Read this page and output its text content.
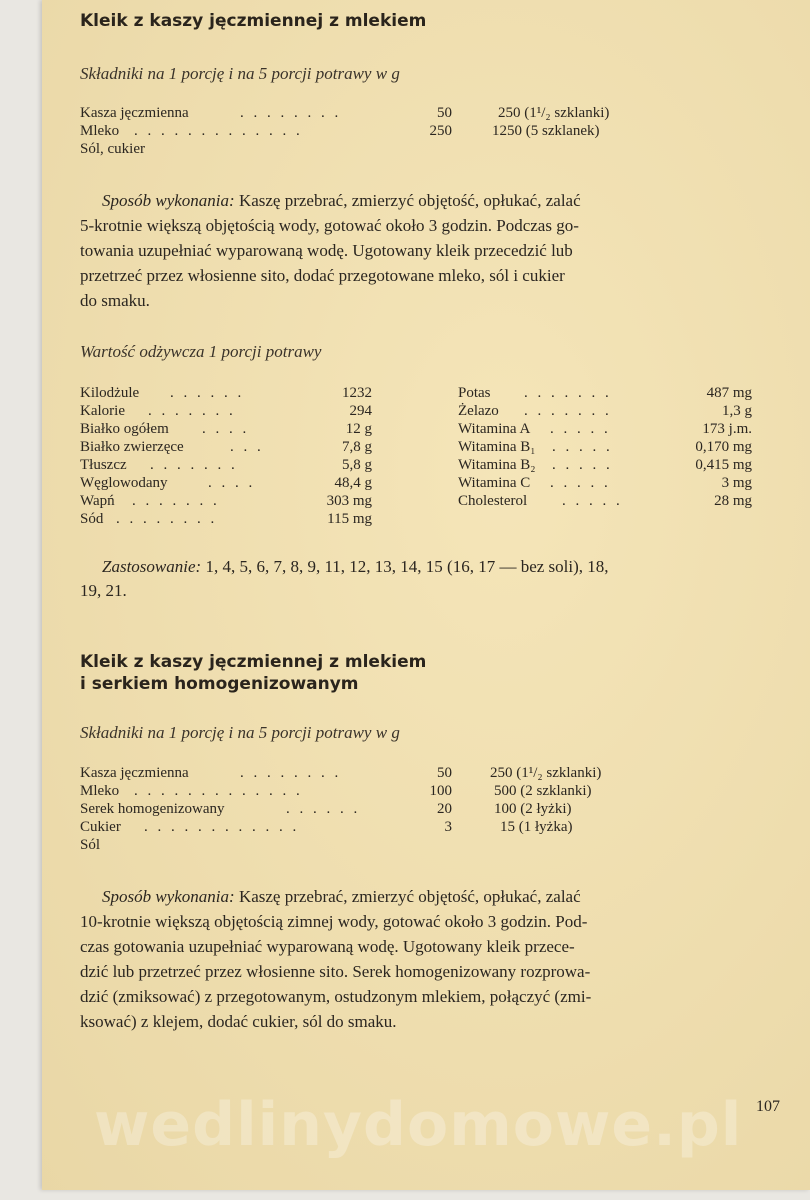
Kleik z kaszy jęczmiennej z mlekiem
Składniki na 1 porcję i na 5 porcji potrawy w g
Kasza jęczmienna	. . . . . . . .	50	250 (1¹/₂ szklanki)
Mleko . . . . . . . . . . . . .	250	1250 (5 szklanek)
Sól, cukier
Sposób wykonania: Kaszę przebrać, zmierzyć objętość, opłukać, zalać
5-krotnie większą objętością wody, gotować około 3 godzin. Podczas go-
towania uzupełniać wyparowaną wodę. Ugotowany kleik przecedzić lub
przetrzeć przez włosienne sito, dodać przegotowane mleko, sól i cukier
do smaku.
Wartość odżywcza 1 porcji potrawy
Kilodżule . . . . . .	1232
Kalorie . . . . . . .	294
Białko ogółem . . . .	12 g
Białko zwierzęce	. . .	7,8 g
Tłuszcz . . . . . . .	5,8 g
Węglowodany	. . . .	48,4 g
Wapń . . . . . . .	303 mg
Sód . . . . . . . .	115 mg
Potas . . . . . . .	487 mg
Żelazo . . . . . . .	1,3 g
Witamina A . . . . .	173 j.m.
Witamina B₁ . . . . .	0,170 mg
Witamina B₂ . . . . .	0,415 mg
Witamina C . . . . .	3 mg
Cholesterol . . . . .	28 mg
Zastosowanie: 1, 4, 5, 6, 7, 8, 9, 11, 12, 13, 14, 15 (16, 17 — bez soli), 18,
19, 21.
Kleik z kaszy jęczmiennej z mlekiem
i serkiem homogenizowanym
Składniki na 1 porcję i na 5 porcji potrawy w g
Kasza jęczmienna	. . . . . . . .	50	250 (1¹/₂ szklanki)
Mleko . . . . . . . . . . . . .	100	500 (2 szklanki)
Serek homogenizowany	. . . . . .	20	100 (2 łyżki)
Cukier . . . . . . . . . . . .	3	15 (1 łyżka)
Sól
Sposób wykonania: Kaszę przebrać, zmierzyć objętość, opłukać, zalać
10-krotnie większą objętością zimnej wody, gotować około 3 godzin. Pod-
czas gotowania uzupełniać wyparowaną wodę. Ugotowany kleik przece-
dzić lub przetrzeć przez włosienne sito. Serek homogenizowany rozprowa-
dzić (zmiksować) z przegotowanym, ostudzonym mlekiem, połączyć (zmi-
ksować) z klejem, dodać cukier, sól do smaku.
wedlinydomowe.pl 107
